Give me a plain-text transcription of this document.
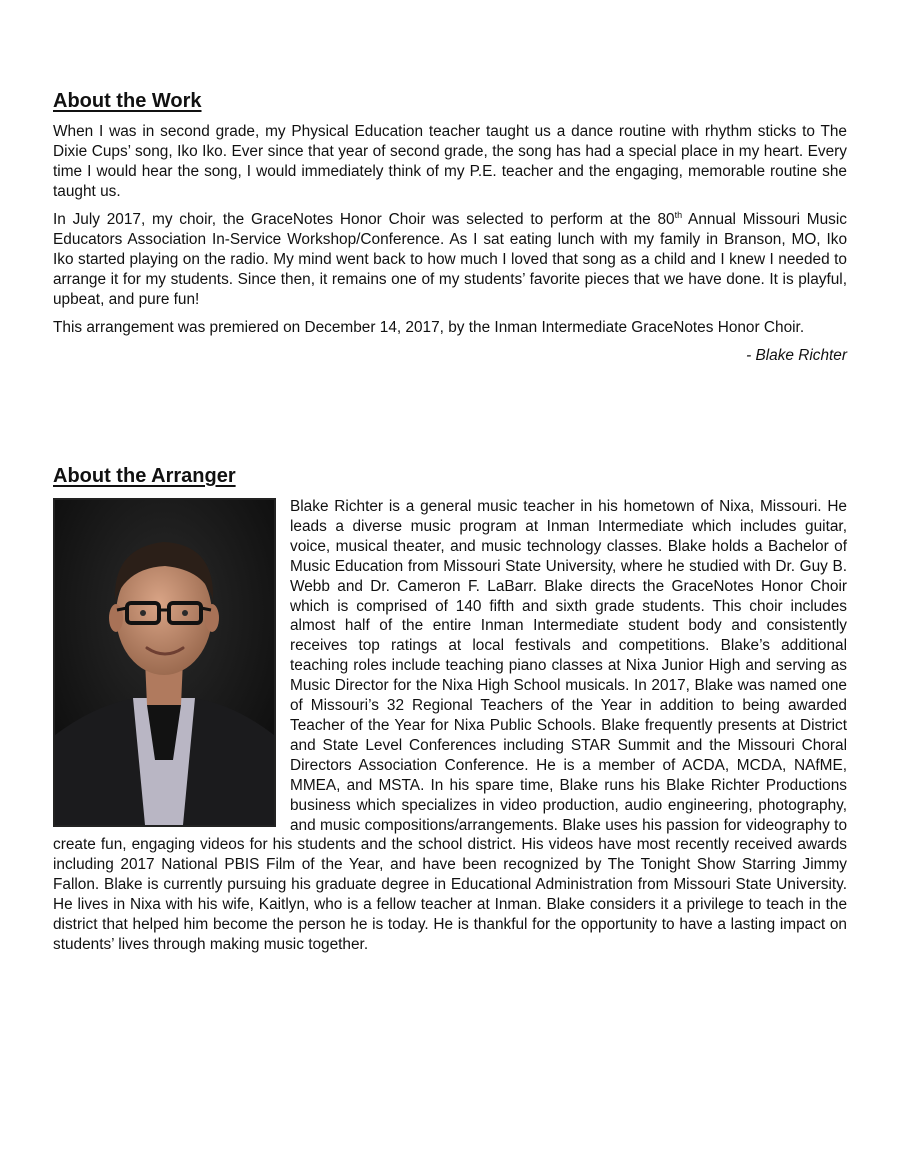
About the Work

When I was in second grade, my Physical Education teacher taught us a dance routine with rhythm sticks to The Dixie Cups’ song, Iko Iko. Ever since that year of second grade, the song has had a special place in my heart. Every time I would hear the song, I would immediately think of my P.E. teacher and the engaging, memorable routine she taught us.

In July 2017, my choir, the GraceNotes Honor Choir was selected to perform at the 80th Annual Missouri Music Educators Association In-Service Workshop/Conference. As I sat eating lunch with my family in Branson, MO, Iko Iko started playing on the radio. My mind went back to how much I loved that song as a child and I knew I needed to arrange it for my students. Since then, it remains one of my students’ favorite pieces that we have done. It is playful, upbeat, and pure fun!

This arrangement was premiered on December 14, 2017, by the Inman Intermediate GraceNotes Honor Choir.

- Blake Richter

About the Arranger

Blake Richter is a general music teacher in his hometown of Nixa, Missouri. He leads a diverse music program at Inman Intermediate which includes guitar, voice, musical theater, and music technology classes. Blake holds a Bachelor of Music Education from Missouri State University, where he studied with Dr. Guy B. Webb and Dr. Cameron F. LaBarr. Blake directs the GraceNotes Honor Choir which is comprised of 140 fifth and sixth grade students. This choir includes almost half of the entire Inman Intermediate student body and consistently receives top ratings at local festivals and competitions. Blake’s additional teaching roles include teaching piano classes at Nixa Junior High and serving as Music Director for the Nixa High School musicals. In 2017, Blake was named one of Missouri’s 32 Regional Teachers of the Year in addition to being awarded Teacher of the Year for Nixa Public Schools. Blake frequently presents at District and State Level Conferences including STAR Summit and the Missouri Choral Directors Association Conference. He is a member of ACDA, MCDA, NAfME, MMEA, and MSTA. In his spare time, Blake runs his Blake Richter Productions business which specializes in video production, audio engineering, photography, and music compositions/arrangements. Blake uses his passion for videography to create fun, engaging videos for his students and the school district. His videos have most recently received awards including 2017 National PBIS Film of the Year, and have been recognized by The Tonight Show Starring Jimmy Fallon. Blake is currently pursuing his graduate degree in Educational Administration from Missouri State University. He lives in Nixa with his wife, Kaitlyn, who is a fellow teacher at Inman. Blake considers it a privilege to teach in the district that helped him become the person he is today. He is thankful for the opportunity to have a lasting impact on students’ lives through making music together.
